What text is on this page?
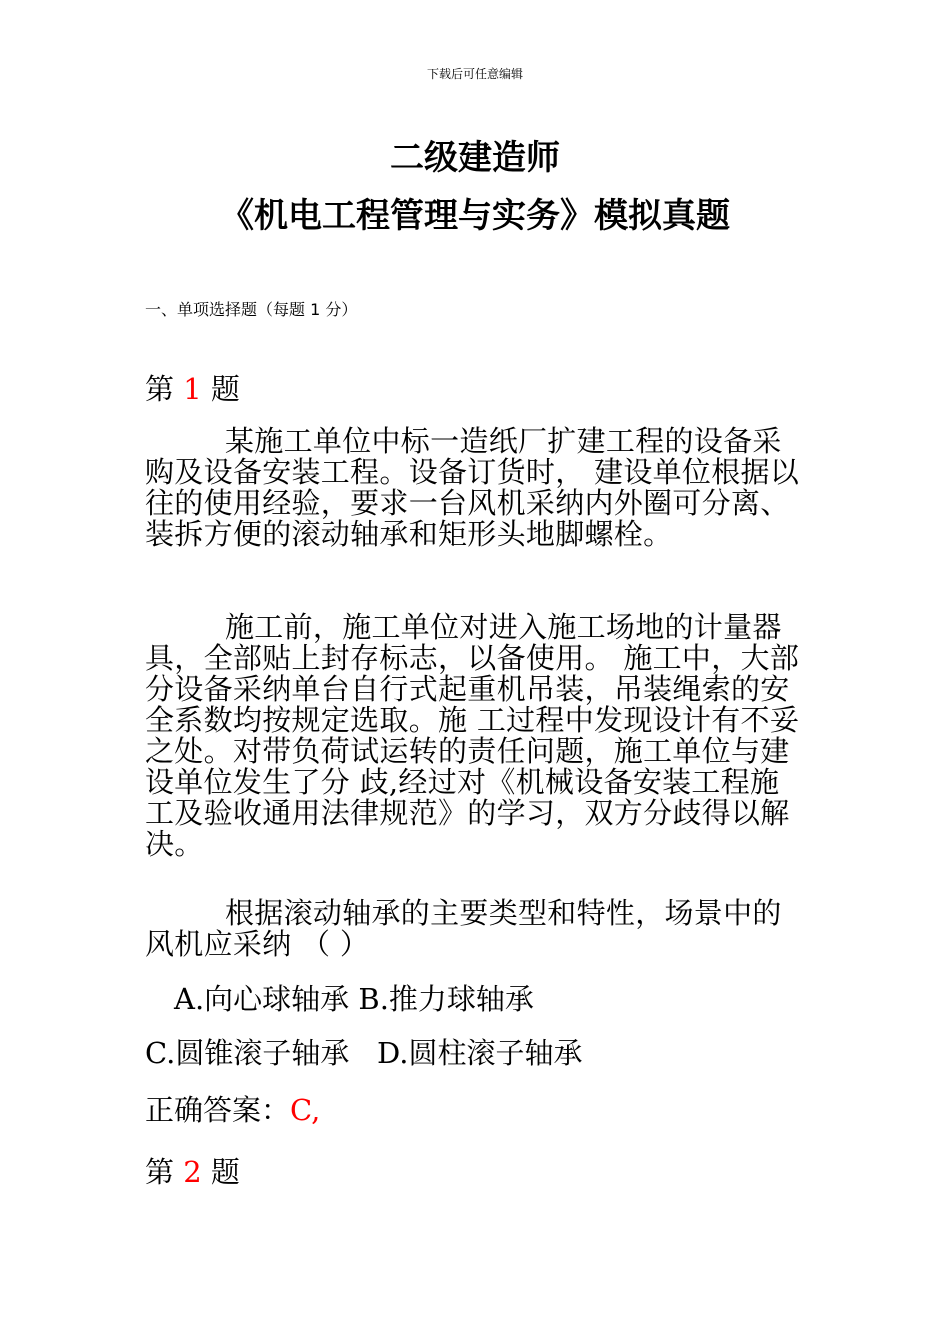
下载后可任意编辑
二级建造师
《机电工程管理与实务》模拟真题
一、单项选择题（每题 1 分）
第 1 题
某施工单位中标一造纸厂扩建工程的设备采购及设备安装工程。设备订货时， 建设单位根据以往的使用经验，要求一台风机采纳内外圈可分离、装拆方便的滚动轴承和矩形头地脚螺栓。
施工前，施工单位对进入施工场地的计量器具，全部贴上封存标志，以备使用。 施工中，大部分设备采纳单台自行式起重机吊装，吊装绳索的安全系数均按规定选取。施 工过程中发现设计有不妥之处。对带负荷试运转的责任问题，施工单位与建设单位发生了分 歧,经过对《机械设备安装工程施工及验收通用法律规范》的学习，双方分歧得以解决。
根据滚动轴承的主要类型和特性，场景中的风机应采纳 （ ）
A.向心球轴承 B.推力球轴承
C.圆锥滚子轴承   D.圆柱滚子轴承
正确答案：C,
第 2 题
